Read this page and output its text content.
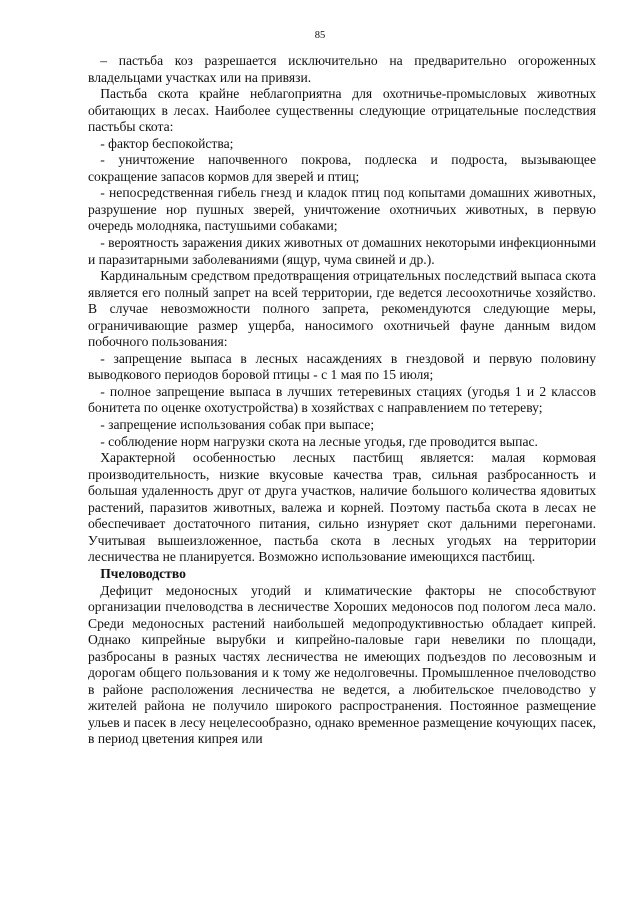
85

– пастьба коз разрешается исключительно на предварительно огороженных владельцами участках или на привязи.

Пастьба скота крайне неблагоприятна для охотничье-промысловых животных обитающих в лесах. Наиболее существенны следующие отрицательные последствия пастьбы скота:

- фактор беспокойства;

- уничтожение напочвенного покрова, подлеска и подроста, вызывающее сокращение запасов кормов для зверей и птиц;

- непосредственная гибель гнезд и кладок птиц под копытами домашних животных, разрушение нор пушных зверей, уничтожение охотничьих животных, в первую очередь молодняка, пастушьими собаками;

- вероятность заражения диких животных от домашних некоторыми инфекционными и паразитарными заболеваниями (ящур, чума свиней и др.).

Кардинальным средством предотвращения отрицательных последствий выпаса скота является его полный запрет на всей территории, где ведется лесоохотничье хозяйство. В случае невозможности полного запрета, рекомендуются следующие меры, ограничивающие размер ущерба, наносимого охотничьей фауне данным видом побочного пользования:

- запрещение выпаса в лесных насаждениях в гнездовой и первую половину выводкового периодов боровой птицы - с 1 мая по 15 июля;

- полное запрещение выпаса в лучших тетеревиных стациях (угодья 1 и 2 классов бонитета по оценке охотустройства) в хозяйствах с направлением по тетереву;

- запрещение использования собак при выпасе;

- соблюдение норм нагрузки скота на лесные угодья, где проводится выпас.

Характерной особенностью лесных пастбищ является: малая кормовая производительность, низкие вкусовые качества трав, сильная разбросанность и большая удаленность друг от друга участков, наличие большого количества ядовитых растений, паразитов животных, валежа и корней. Поэтому пастьба скота в лесах не обеспечивает достаточного питания, сильно изнуряет скот дальними перегонами. Учитывая вышеизложенное, пастьба скота в лесных угодьях на территории лесничества не планируется. Возможно использование имеющихся пастбищ.

Пчеловодство

Дефицит медоносных угодий и климатические факторы не способствуют организации пчеловодства в лесничестве Хороших медоносов под пологом леса мало. Среди медоносных растений наибольшей медопродуктивностью обладает кипрей. Однако кипрейные вырубки и кипрейно-паловые гари невелики по площади, разбросаны в разных частях лесничества не имеющих подъездов по лесовозным и дорогам общего пользования и к тому же недолговечны. Промышленное пчеловодство в районе расположения лесничества не ведется, а любительское пчеловодство у жителей района не получило широкого распространения. Постоянное размещение ульев и пасек в лесу нецелесообразно, однако временное размещение кочующих пасек, в период цветения кипрея или
